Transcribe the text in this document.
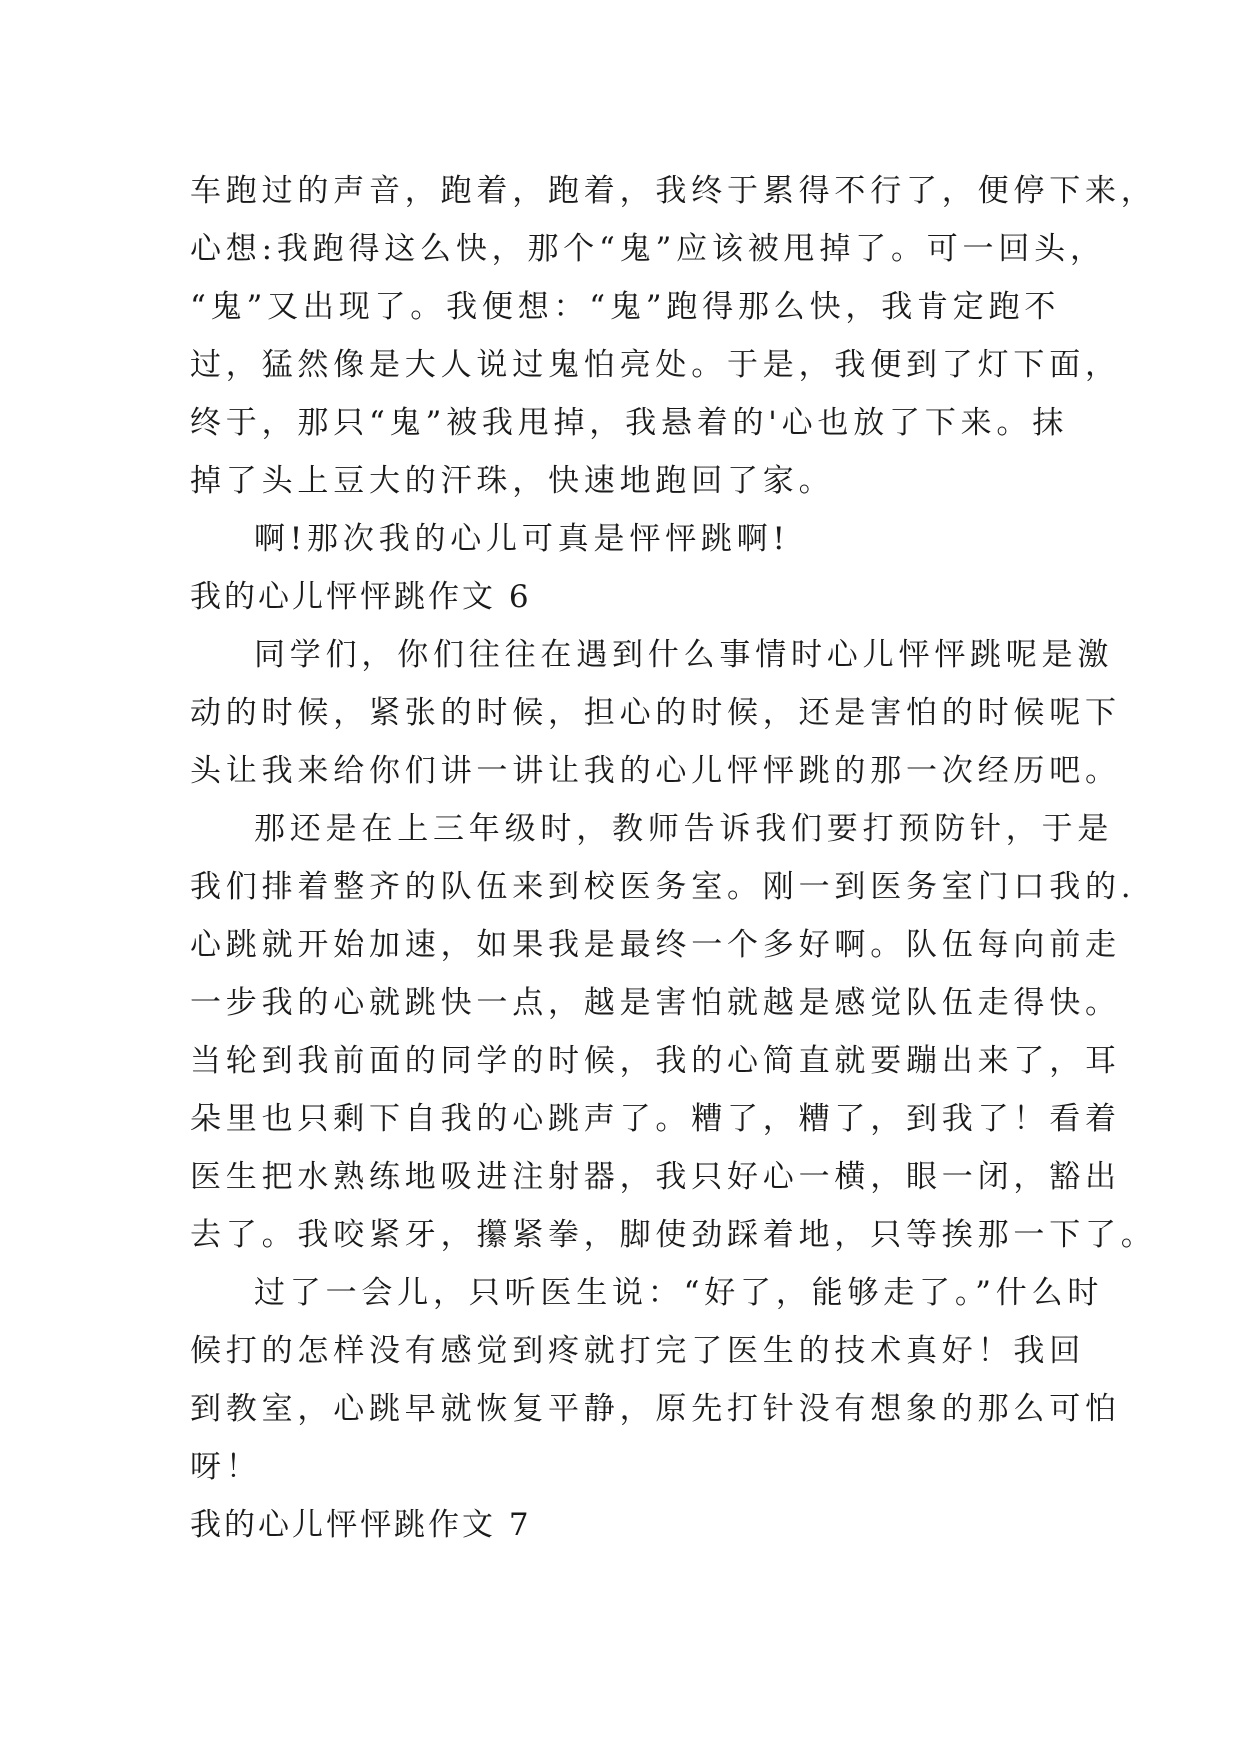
车跑过的声音，跑着，跑着，我终于累得不行了，便停下来，
心想:我跑得这么快，那个“鬼”应该被甩掉了。可一回头，
“鬼”又出现了。我便想：“鬼”跑得那么快，我肯定跑不
过，猛然像是大人说过鬼怕亮处。于是，我便到了灯下面，
终于，那只“鬼”被我甩掉，我悬着的'心也放了下来。抹
掉了头上豆大的汗珠，快速地跑回了家。
啊!那次我的心儿可真是怦怦跳啊!
我的心儿怦怦跳作文 6
同学们，你们往往在遇到什么事情时心儿怦怦跳呢是激
动的时候，紧张的时候，担心的时候，还是害怕的时候呢下
头让我来给你们讲一讲让我的心儿怦怦跳的那一次经历吧。
那还是在上三年级时，教师告诉我们要打预防针，于是
我们排着整齐的队伍来到校医务室。刚一到医务室门口我的.
心跳就开始加速，如果我是最终一个多好啊。队伍每向前走
一步我的心就跳快一点，越是害怕就越是感觉队伍走得快。
当轮到我前面的同学的时候，我的心简直就要蹦出来了，耳
朵里也只剩下自我的心跳声了。糟了，糟了，到我了！看着
医生把水熟练地吸进注射器，我只好心一横，眼一闭，豁出
去了。我咬紧牙，攥紧拳，脚使劲踩着地，只等挨那一下了。
过了一会儿，只听医生说：“好了，能够走了。”什么时
候打的怎样没有感觉到疼就打完了医生的技术真好！我回
到教室，心跳早就恢复平静，原先打针没有想象的那么可怕
呀！
我的心儿怦怦跳作文 7
